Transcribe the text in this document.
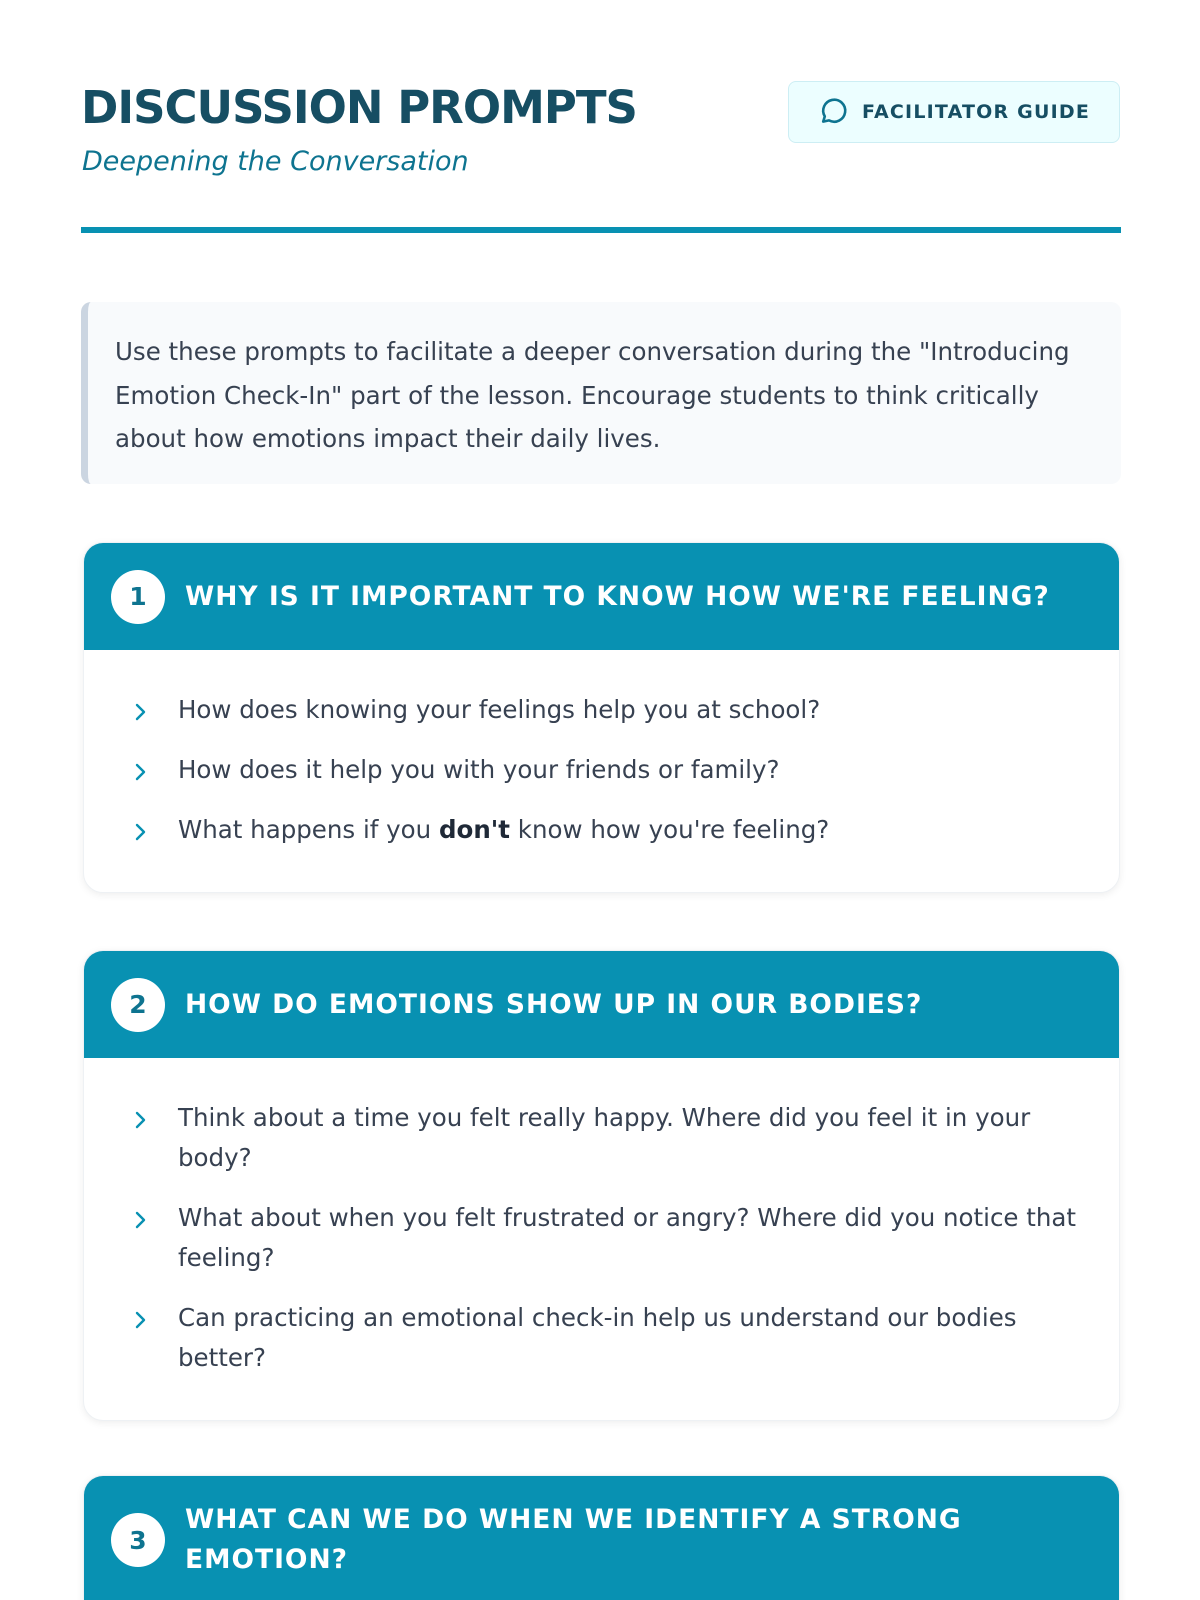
DISCUSSION PROMPTS

Deepening the Conversation

FACILITATOR GUIDE

Use these prompts to facilitate a deeper conversation during the "Introducing Emotion Check-In" part of the lesson. Encourage students to think critically about how emotions impact their daily lives.

1	WHY IS IT IMPORTANT TO KNOW HOW WE'RE FEELING?

How does knowing your feelings help you at school?

How does it help you with your friends or family?

What happens if you don't know how you're feeling?

2	HOW DO EMOTIONS SHOW UP IN OUR BODIES?

Think about a time you felt really happy. Where did you feel it in your body?

What about when you felt frustrated or angry? Where did you notice that feeling?

Can practicing an emotional check-in help us understand our bodies better?

3
WHAT CAN WE DO WHEN WE IDENTIFY A STRONG EMOTION?
